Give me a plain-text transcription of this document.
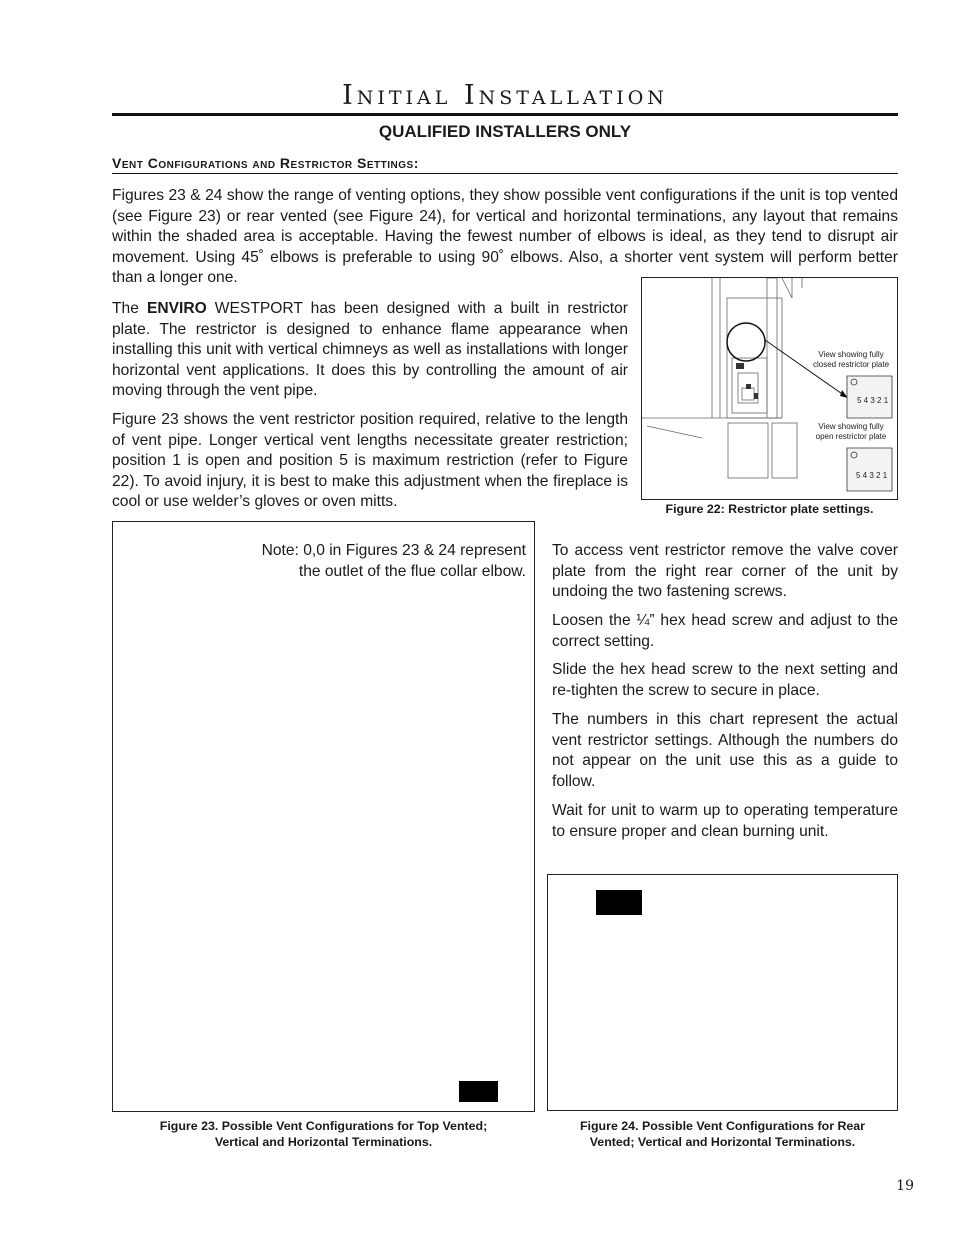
Initial Installation
QUALIFIED INSTALLERS ONLY
Vent Configurations and Restrictor Settings:

Figures 23 & 24 show the range of venting options, they show possible vent configurations if the unit is top vented (see Figure 23) or rear vented (see Figure 24), for vertical and horizontal terminations, any layout that remains within the shaded area is acceptable. Having the fewest number of elbows is ideal, as they tend to disrupt air movement. Using 45˚ elbows is preferable to using 90˚ elbows. Also, a shorter vent system will perform better than a longer one.

The ENVIRO WESTPORT has been designed with a built in restrictor plate. The restrictor is designed to enhance flame appearance when installing this unit with vertical chimneys as well as installations with longer horizontal vent applications. It does this by controlling the amount of air moving through the vent pipe.

Figure 23 shows the vent restrictor position required, relative to the length of vent pipe. Longer vertical vent lengths necessitate greater restriction; position 1 is open and position 5 is maximum restriction (refer to Figure 22). To avoid injury, it is best to make this adjustment when the fireplace is cool or use welder’s gloves or oven mitts.

View showing fully
closed restrictor plate
5 4 3 2 1
View showing fully
open restrictor plate
5 4 3 2 1
Figure 22: Restrictor plate settings.
Note: 0,0 in Figures 23 & 24 represent
the outlet of the flue collar elbow.

To access vent restrictor remove the valve cover plate from the right rear corner of the unit by undoing the two fastening screws.

Loosen the ¼” hex head screw and adjust to the correct setting.

Slide the hex head screw to the next setting and re-tighten the screw to secure in place.

The numbers in this chart represent the actual vent restrictor settings. Although the numbers do not appear on the unit use this as a guide to follow.

Wait for unit to warm up to operating temperature to ensure proper and clean burning unit.

Figure 23. Possible Vent Configurations for Top Vented;
Vertical and Horizontal Terminations.
Figure 24. Possible Vent Configurations for Rear
Vented; Vertical and Horizontal Terminations.
19
